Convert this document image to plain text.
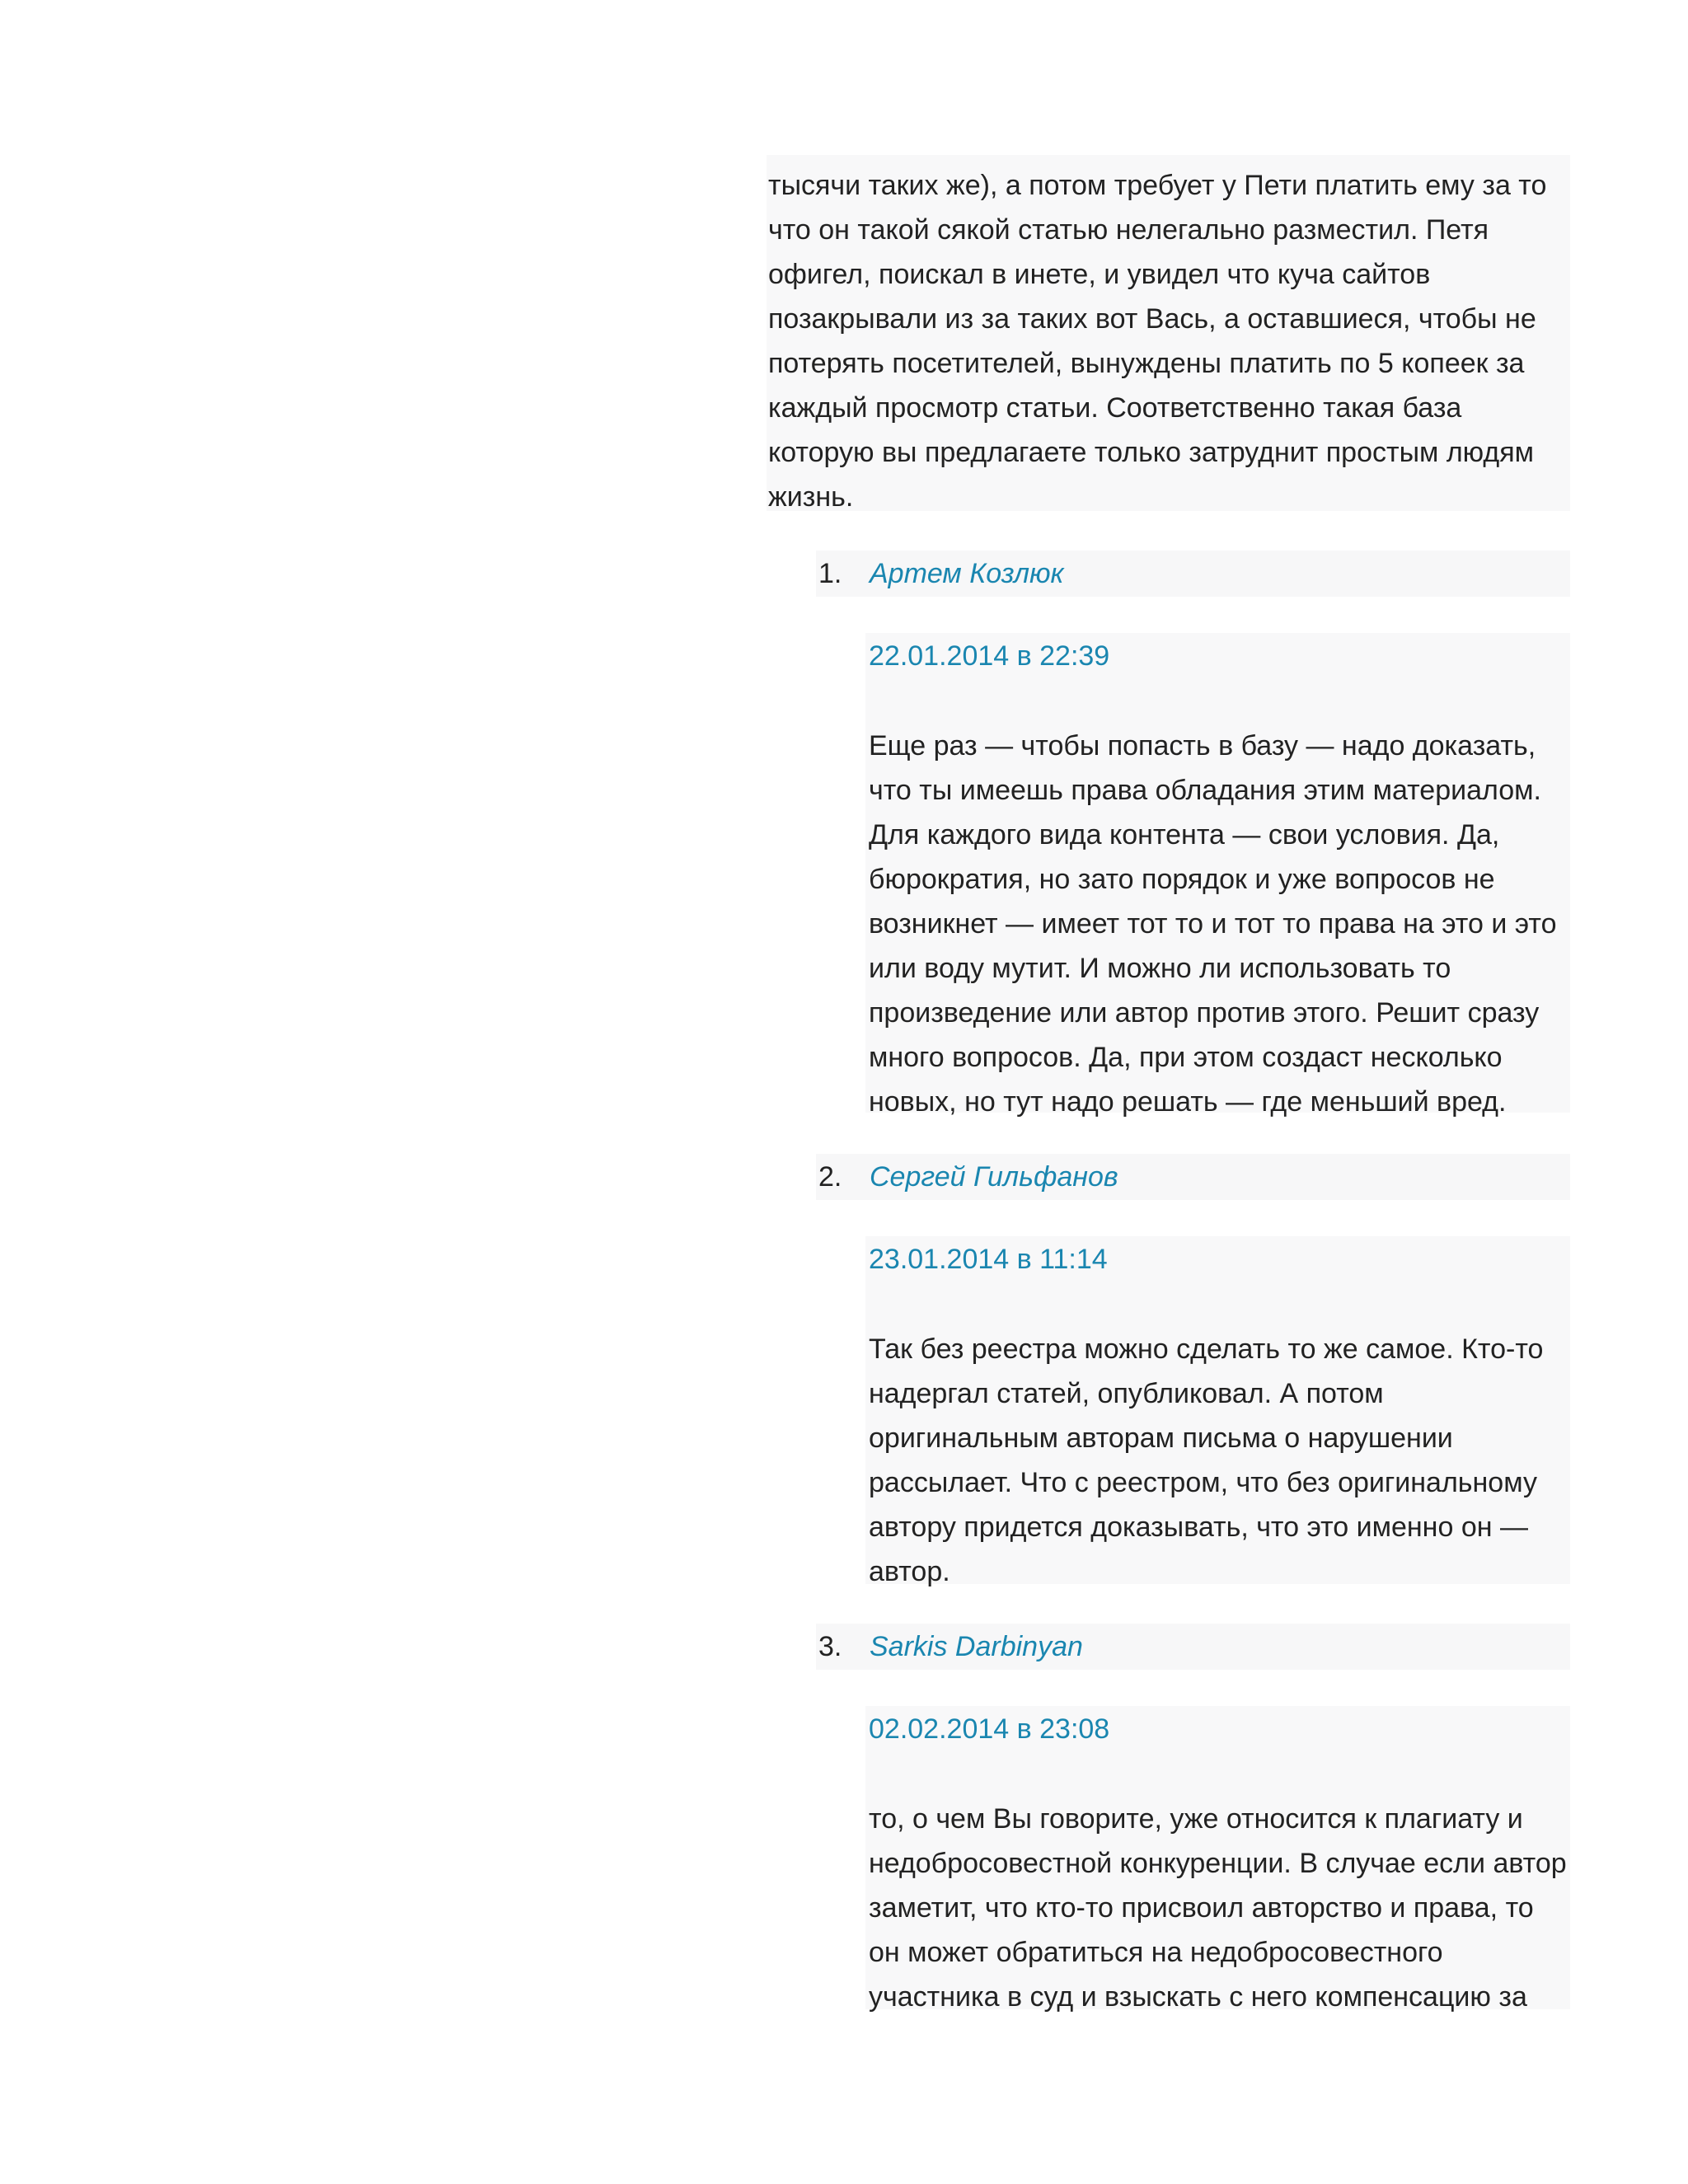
тысячи таких же), а потом требует у Пети платить ему за то
что он такой сякой статью нелегально разместил. Петя
офигел, поискал в инете, и увидел что куча сайтов
позакрывали из за таких вот Вась, а оставшиеся, чтобы не
потерять посетителей, вынуждены платить по 5 копеек за
каждый просмотр статьи. Соответственно такая база
которую вы предлагаете только затруднит простым людям
жизнь.
1. Артем Козлюк
22.01.2014 в 22:39
Еще раз — чтобы попасть в базу — надо доказать,
что ты имеешь права обладания этим материалом.
Для каждого вида контента — свои условия. Да,
бюрократия, но зато порядок и уже вопросов не
возникнет — имеет тот то и тот то права на это и это
или воду мутит. И можно ли использовать то
произведение или автор против этого. Решит сразу
много вопросов. Да, при этом создаст несколько
новых, но тут надо решать — где меньший вред.
2. Сергей Гильфанов
23.01.2014 в 11:14
Так без реестра можно сделать то же самое. Кто-то
надергал статей, опубликовал. А потом
оригинальным авторам письма о нарушении
рассылает. Что с реестром, что без оригинальному
автору придется доказывать, что это именно он —
автор.
3. Sarkis Darbinyan
02.02.2014 в 23:08
то, о чем Вы говорите, уже относится к плагиату и
недобросовестной конкуренции. В случае если автор
заметит, что кто-то присвоил авторство и права, то
он может обратиться на недобросовестного
участника в суд и взыскать с него компенсацию за
